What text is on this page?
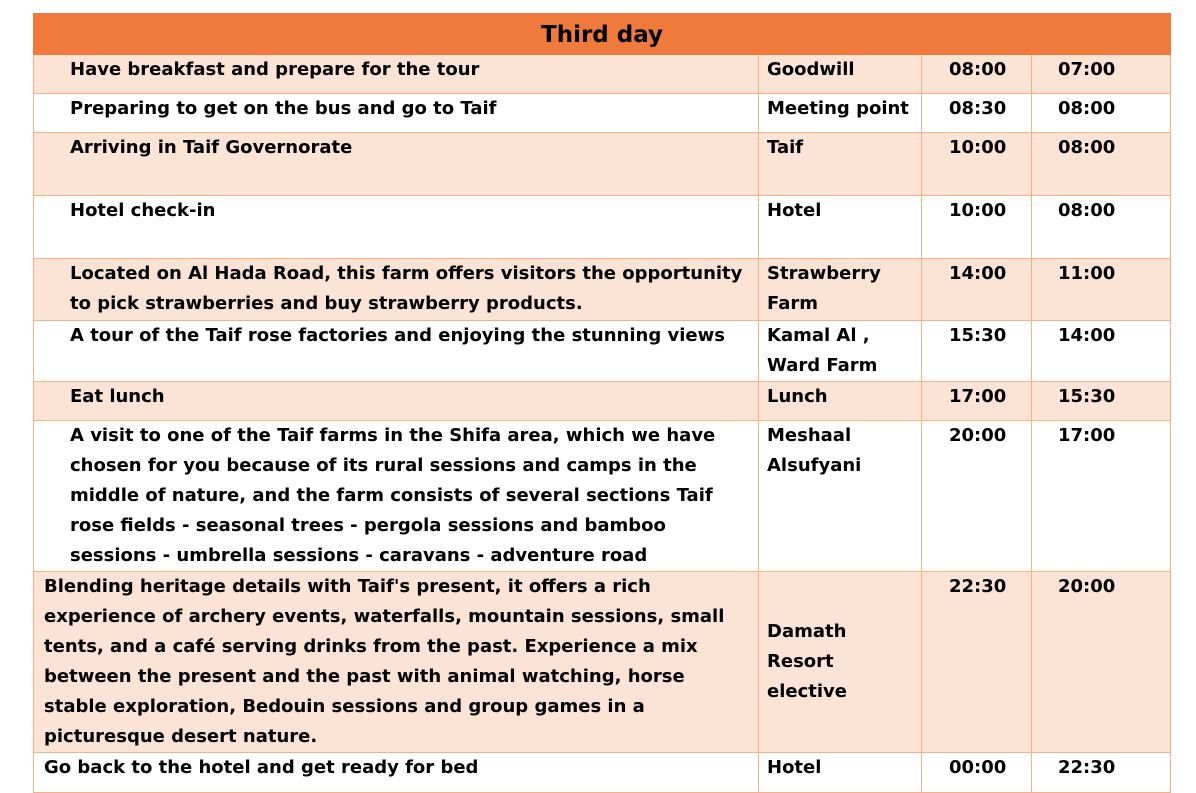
Third day			
Have breakfast and prepare for the tour	Goodwill	08:00	07:00
Preparing to get on the bus and go to Taif	Meeting point	08:30	08:00
Arriving in Taif Governorate	Taif	10:00	08:00
Hotel check-in	Hotel	10:00	08:00
Located on Al Hada Road, this farm offers visitors the opportunity to pick strawberries and buy strawberry products.	Strawberry Farm	14:00	11:00
A tour of the Taif rose factories and enjoying the stunning views	Kamal Al , Ward Farm	15:30	14:00
Eat lunch	Lunch	17:00	15:30
A visit to one of the Taif farms in the Shifa area, which we have chosen for you because of its rural sessions and camps in the middle of nature, and the farm consists of several sections Taif rose fields - seasonal trees - pergola sessions and bamboo sessions - umbrella sessions - caravans - adventure road	Meshaal Alsufyani	20:00	17:00
Blending heritage details with Taif's present, it offers a rich experience of archery events, waterfalls, mountain sessions, small tents, and a café serving drinks from the past. Experience a mix between the present and the past with animal watching, horse stable exploration, Bedouin sessions and group games in a picturesque desert nature.	Damath Resort elective	22:30	20:00
Go back to the hotel and get ready for bed	Hotel	00:00	22:30
